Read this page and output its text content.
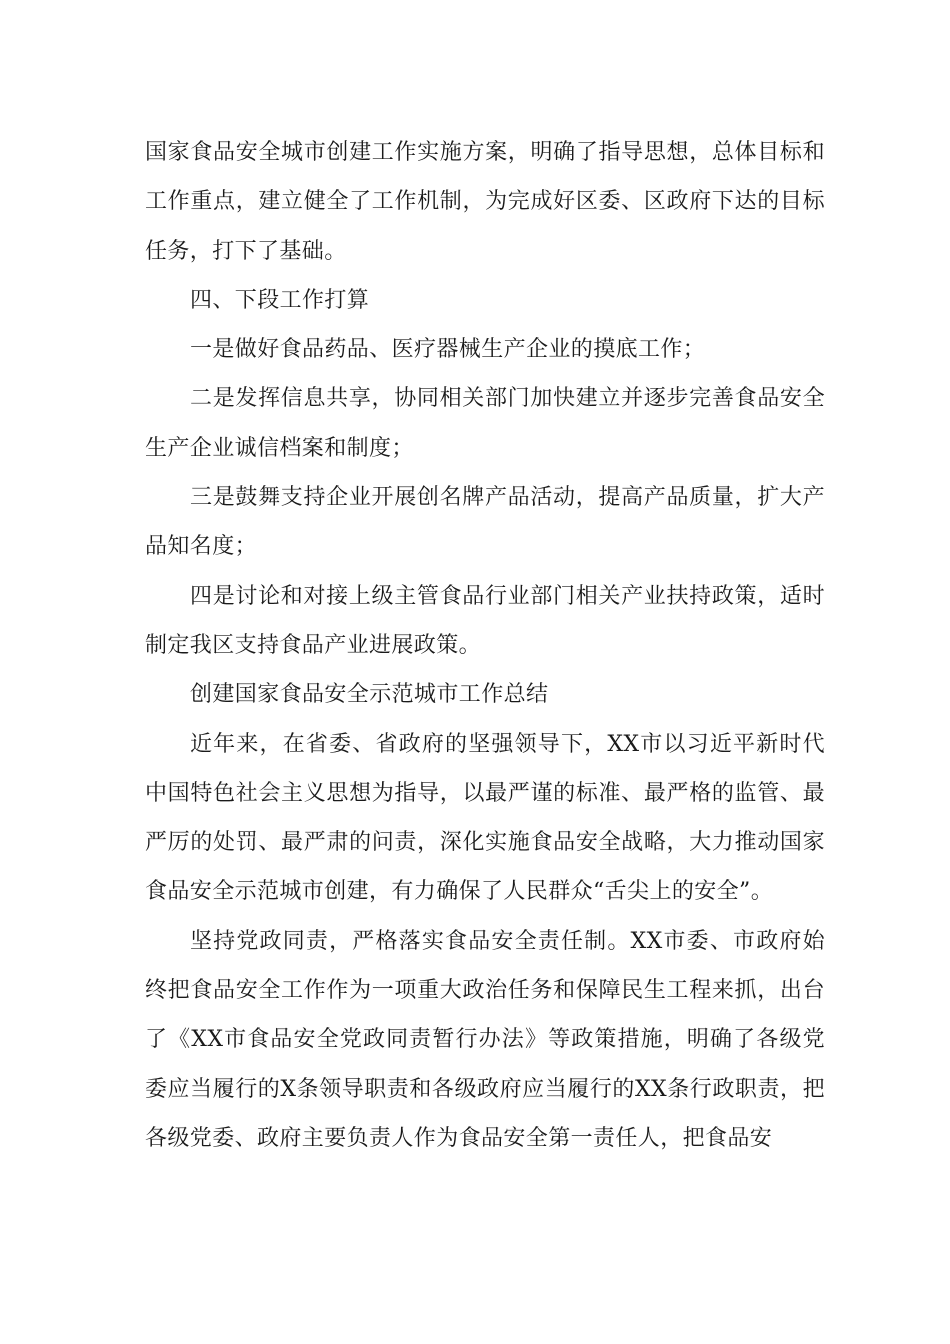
国家食品安全城市创建工作实施方案，明确了指导思想，总体目标和工作重点，建立健全了工作机制，为完成好区委、区政府下达的目标任务，打下了基础。

四、下段工作打算

一是做好食品药品、医疗器械生产企业的摸底工作；

二是发挥信息共享，协同相关部门加快建立并逐步完善食品安全生产企业诚信档案和制度；

三是鼓舞支持企业开展创名牌产品活动，提高产品质量，扩大产品知名度；

四是讨论和对接上级主管食品行业部门相关产业扶持政策，适时制定我区支持食品产业进展政策。

创建国家食品安全示范城市工作总结

近年来，在省委、省政府的坚强领导下，XX市以习近平新时代中国特色社会主义思想为指导，以最严谨的标准、最严格的监管、最严厉的处罚、最严肃的问责，深化实施食品安全战略，大力推动国家食品安全示范城市创建，有力确保了人民群众“舌尖上的安全”。

坚持党政同责，严格落实食品安全责任制。XX市委、市政府始终把食品安全工作作为一项重大政治任务和保障民生工程来抓，出台了《XX市食品安全党政同责暂行办法》等政策措施，明确了各级党委应当履行的X条领导职责和各级政府应当履行的XX条行政职责，把各级党委、政府主要负责人作为食品安全第一责任人，把食品安
